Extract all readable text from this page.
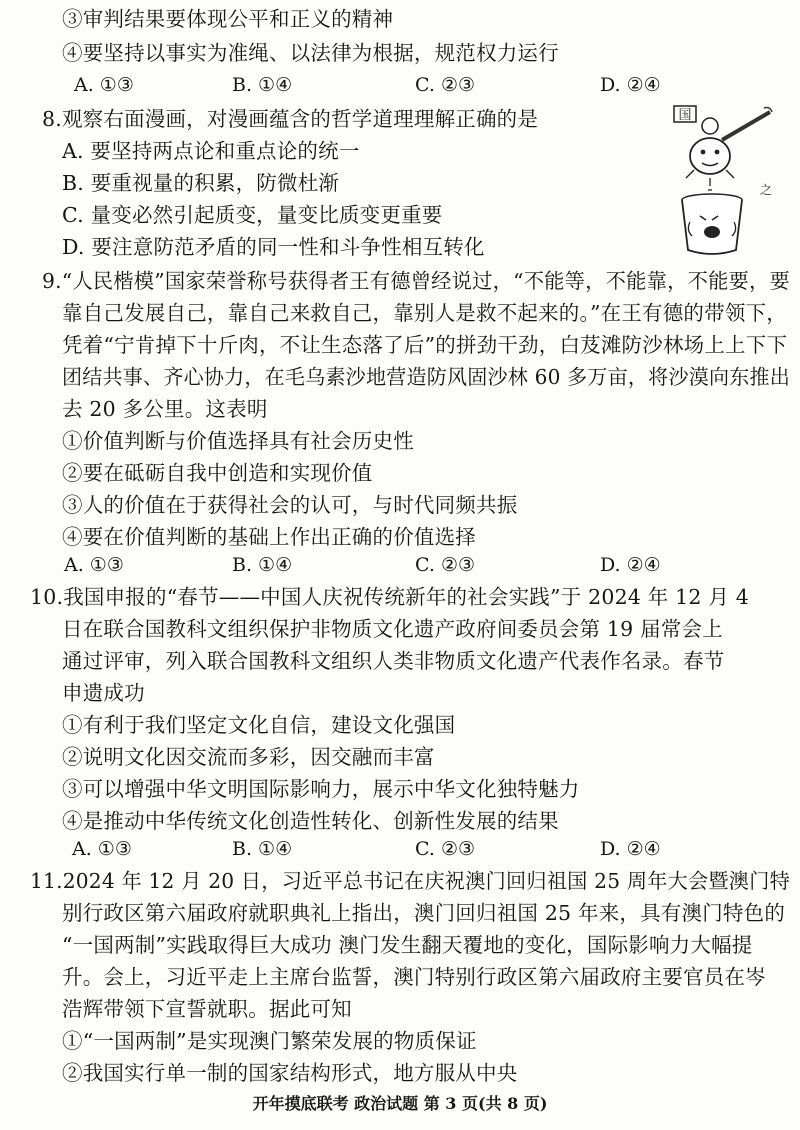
③审判结果要体现公平和正义的精神
④要坚持以事实为准绳、以法律为根据，规范权力运行
A. ①③	B. ①④	C. ②③	D. ②④
8.观察右面漫画，对漫画蕴含的哲学道理理解正确的是
A. 要坚持两点论和重点论的统一
B. 要重视量的积累，防微杜渐
C. 量变必然引起质变，量变比质变更重要
D. 要注意防范矛盾的同一性和斗争性相互转化
国
之
9.“人民楷模”国家荣誉称号获得者王有德曾经说过，“不能等，不能靠，不能要，要
靠自己发展自己，靠自己来救自己，靠别人是救不起来的。”在王有德的带领下，
凭着“宁肯掉下十斤肉，不让生态落了后”的拼劲干劲，白芨滩防沙林场上上下下
团结共事、齐心协力，在毛乌素沙地营造防风固沙林 60 多万亩，将沙漠向东推出
去 20 多公里。这表明
①价值判断与价值选择具有社会历史性
②要在砥砺自我中创造和实现价值
③人的价值在于获得社会的认可，与时代同频共振
④要在价值判断的基础上作出正确的价值选择
A. ①③	B. ①④	C. ②③	D. ②④
10.我国申报的“春节——中国人庆祝传统新年的社会实践”于 2024 年 12 月 4
日在联合国教科文组织保护非物质文化遗产政府间委员会第 19 届常会上
通过评审，列入联合国教科文组织人类非物质文化遗产代表作名录。春节
申遗成功
①有利于我们坚定文化自信，建设文化强国
②说明文化因交流而多彩，因交融而丰富
③可以增强中华文明国际影响力，展示中华文化独特魅力
④是推动中华传统文化创造性转化、创新性发展的结果
A. ①③	B. ①④	C. ②③	D. ②④
11.2024 年 12 月 20 日，习近平总书记在庆祝澳门回归祖国 25 周年大会暨澳门特
别行政区第六届政府就职典礼上指出，澳门回归祖国 25 年来，具有澳门特色的
“一国两制”实践取得巨大成功 澳门发生翻天覆地的变化，国际影响力大幅提
升。会上，习近平走上主席台监誓，澳门特别行政区第六届政府主要官员在岑
浩辉带领下宣誓就职。据此可知
①“一国两制”是实现澳门繁荣发展的物质保证
②我国实行单一制的国家结构形式，地方服从中央
开年摸底联考 政治试题 第 3 页(共 8 页)
